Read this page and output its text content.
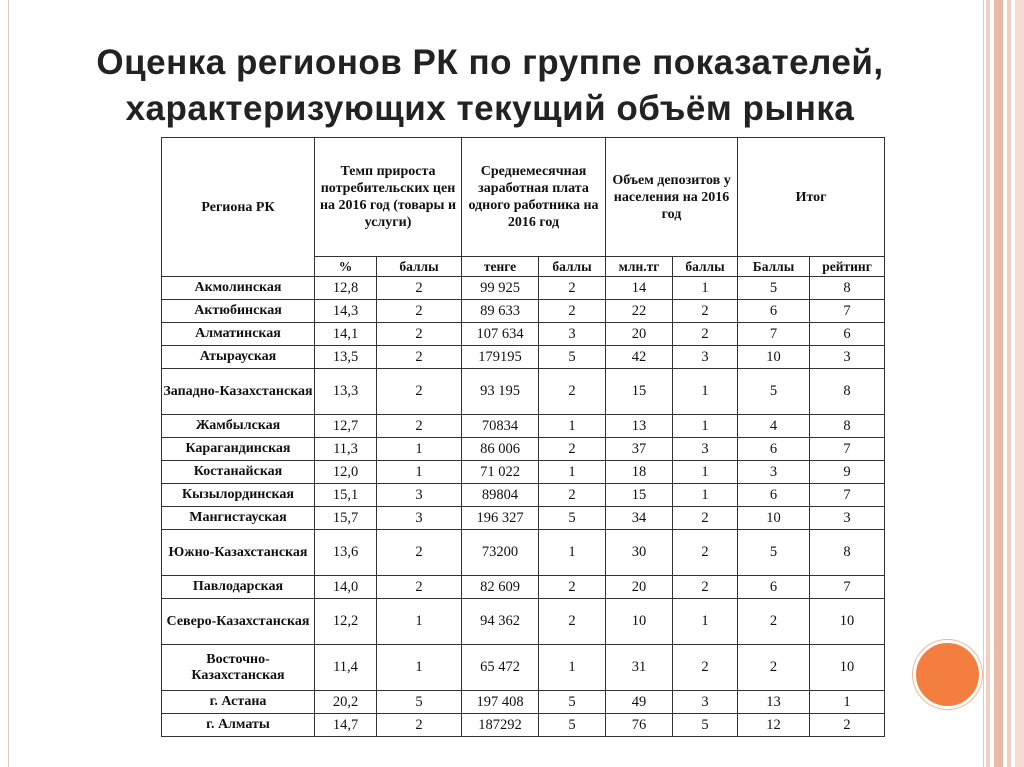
Оценка регионов РК по группе показателей,
характеризующих текущий объём рынка
Регионa РК	Темп прироста потребительских цен на 2016 год (товары и услуги)		Среднемесячная заработная плата одного работника на 2016 год		Объем депозитов у населения на 2016 год		Итог	
	%	баллы	тенге	баллы	млн.тг	баллы	Баллы	рейтинг
Акмолинская	12,8	2	99 925	2	14	1	5	8
Актюбинская	14,3	2	89 633	2	22	2	6	7
Алматинская	14,1	2	107 634	3	20	2	7	6
Атырауская	13,5	2	179195	5	42	3	10	3
Западно-Казахстанская	13,3	2	93 195	2	15	1	5	8
Жамбылская	12,7	2	70834	1	13	1	4	8
Карагандинская	11,3	1	86 006	2	37	3	6	7
Костанайская	12,0	1	71 022	1	18	1	3	9
Кызылординская	15,1	3	89804	2	15	1	6	7
Мангистауская	15,7	3	196 327	5	34	2	10	3
Южно-Казахстанская	13,6	2	73200	1	30	2	5	8
Павлодарская	14,0	2	82 609	2	20	2	6	7
Северо-Казахстанская	12,2	1	94 362	2	10	1	2	10
Восточно-Казахстанская	11,4	1	65 472	1	31	2	2	10
г. Астана	20,2	5	197 408	5	49	3	13	1
г. Алматы	14,7	2	187292	5	76	5	12	2
